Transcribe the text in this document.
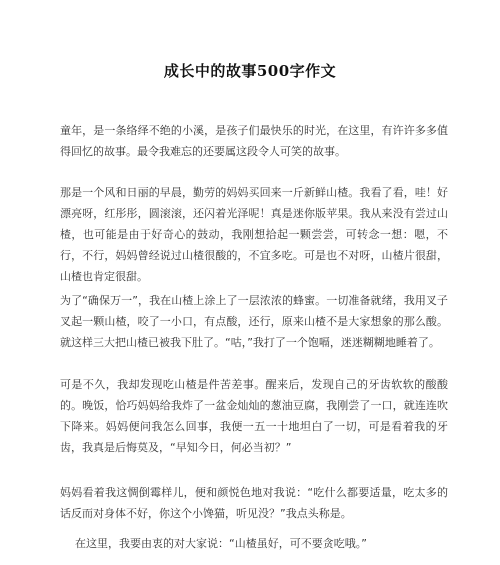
成长中的故事500字作文

童年，是一条络绎不绝的小溪，是孩子们最快乐的时光，在这里，有许许多多值得回忆的故事。最令我难忘的还要属这段令人可笑的故事。

那是一个风和日丽的早晨，勤劳的妈妈买回来一斤新鲜山楂。我看了看，哇！好漂亮呀，红彤彤，圆滚滚，还闪着光泽呢！真是迷你版苹果。我从来没有尝过山楂，也可能是由于好奇心的鼓动，我刚想拾起一颗尝尝，可转念一想：嗯，不行，不行，妈妈曾经说过山楂很酸的，不宜多吃。可是也不对呀，山楂片很甜，山楂也肯定很甜。

为了“确保万一”，我在山楂上涂上了一层浓浓的蜂蜜。一切准备就绪，我用叉子叉起一颗山楂，咬了一小口，有点酸，还行，原来山楂不是大家想象的那么酸。就这样三大把山楂已被我下肚了。“咕，”我打了一个饱嗝，迷迷糊糊地睡着了。

可是不久，我却发现吃山楂是件苦差事。醒来后，发现自己的牙齿软软的酸酸的。晚饭，恰巧妈妈给我炸了一盆金灿灿的葱油豆腐，我刚尝了一口，就连连吹下降来。妈妈便问我怎么回事，我便一五一十地坦白了一切，可是看着我的牙齿，我真是后悔莫及，“早知今日，何必当初？”

妈妈看着我这惆倒霉样儿，便和颜悦色地对我说：“吃什么都要适量，吃太多的话反而对身体不好，你这个小馋猫，听见没？”我点头称是。

在这里，我要由衷的对大家说：“山楂虽好，可不要贪吃哦。”
